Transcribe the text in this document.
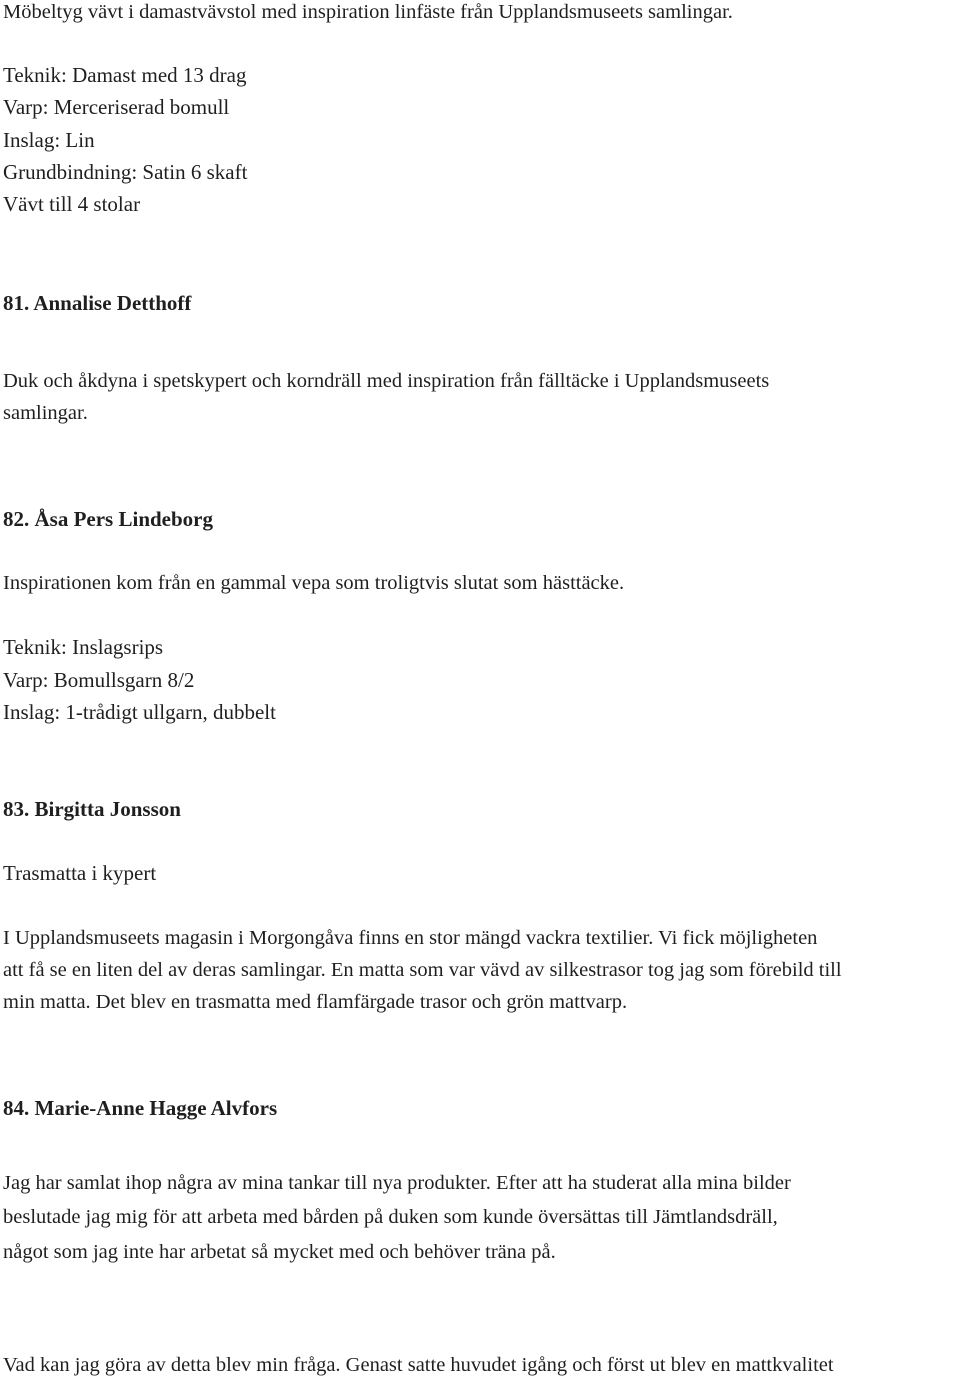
Möbeltyg vävt i damastvävstol med inspiration linfäste från Upplandsmuseets samlingar.
Teknik: Damast med 13 drag
Varp: Merceriserad bomull
Inslag: Lin
Grundbindning: Satin 6 skaft
Vävt till 4 stolar
81. Annalise Detthoff
Duk och åkdyna i spetskypert och korndräll med inspiration från fälltäcke i Upplandsmuseets
samlingar.
82. Åsa Pers Lindeborg
Inspirationen kom från en gammal vepa som troligtvis slutat som hästtäcke.
Teknik: Inslagsrips
Varp: Bomullsgarn 8/2
Inslag: 1-trådigt ullgarn, dubbelt
83. Birgitta Jonsson
Trasmatta i kypert
I Upplandsmuseets magasin i Morgongåva finns en stor mängd vackra textilier. Vi fick möjligheten
att få se en liten del av deras samlingar. En matta som var vävd av silkestrasor tog jag som förebild till
min matta. Det blev en trasmatta med flamfärgade trasor och grön mattvarp.
84. Marie-Anne Hagge Alvfors
Jag har samlat ihop några av mina tankar till nya produkter. Efter att ha studerat alla mina bilder
beslutade jag mig för att arbeta med bården på duken som kunde översättas till Jämtlandsdräll,
något som jag inte har arbetat så mycket med och behöver träna på.
Vad kan jag göra av detta blev min fråga. Genast satte huvudet igång och först ut blev en mattkvalitet
